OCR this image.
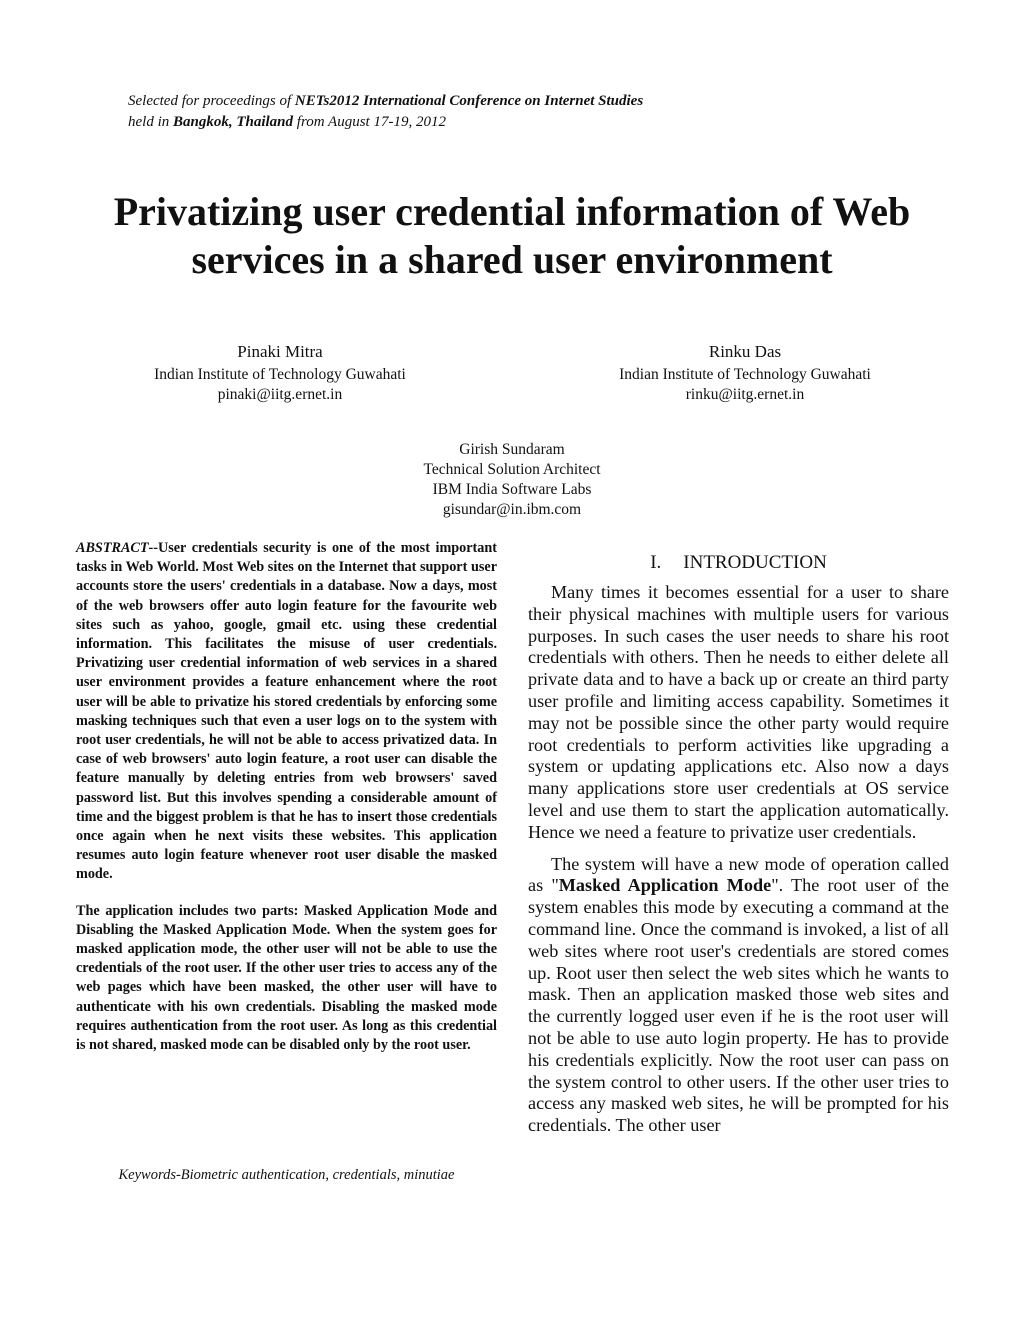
Selected for proceedings of NETs2012 International Conference on Internet Studies
held in Bangkok, Thailand from August 17-19, 2012
Privatizing user credential information of Web
services in a shared user environment
Pinaki Mitra
Indian Institute of Technology Guwahati
pinaki@iitg.ernet.in
Rinku Das
Indian Institute of Technology Guwahati
rinku@iitg.ernet.in
Girish Sundaram
Technical Solution Architect
IBM India Software Labs
gisundar@in.ibm.com

ABSTRACT--User credentials security is one of the most important tasks in Web World. Most Web sites on the Internet that support user accounts store the users' credentials in a database. Now a days, most of the web browsers offer auto login feature for the favourite web sites such as yahoo, google, gmail etc. using these credential information. This facilitates the misuse of user credentials. Privatizing user credential information of web services in a shared user environment provides a feature enhancement where the root user will be able to privatize his stored credentials by enforcing some masking techniques such that even a user logs on to the system with root user credentials, he will not be able to access privatized data. In case of web browsers' auto login feature, a root user can disable the feature manually by deleting entries from web browsers' saved password list. But this involves spending a considerable amount of time and the biggest problem is that he has to insert those credentials once again when he next visits these websites. This application resumes auto login feature whenever root user disable the masked mode.

The application includes two parts: Masked Application Mode and Disabling the Masked Application Mode. When the system goes for masked application mode, the other user will not be able to use the credentials of the root user. If the other user tries to access any of the web pages which have been masked, the other user will have to authenticate with his own credentials. Disabling the masked mode requires authentication from the root user. As long as this credential is not shared, masked mode can be disabled only by the root user.

Keywords-Biometric authentication, credentials, minutiae
I. INTRODUCTION

Many times it becomes essential for a user to share their physical machines with multiple users for various purposes. In such cases the user needs to share his root credentials with others. Then he needs to either delete all private data and to have a back up or create an third party user profile and limiting access capability. Sometimes it may not be possible since the other party would require root credentials to perform activities like upgrading a system or updating applications etc. Also now a days many applications store user credentials at OS service level and use them to start the application automatically. Hence we need a feature to privatize user credentials.

The system will have a new mode of operation called as "Masked Application Mode". The root user of the system enables this mode by executing a command at the command line. Once the command is invoked, a list of all web sites where root user's credentials are stored comes up. Root user then select the web sites which he wants to mask. Then an application masked those web sites and the currently logged user even if he is the root user will not be able to use auto login property. He has to provide his credentials explicitly. Now the root user can pass on the system control to other users. If the other user tries to access any masked web sites, he will be prompted for his credentials. The other user
